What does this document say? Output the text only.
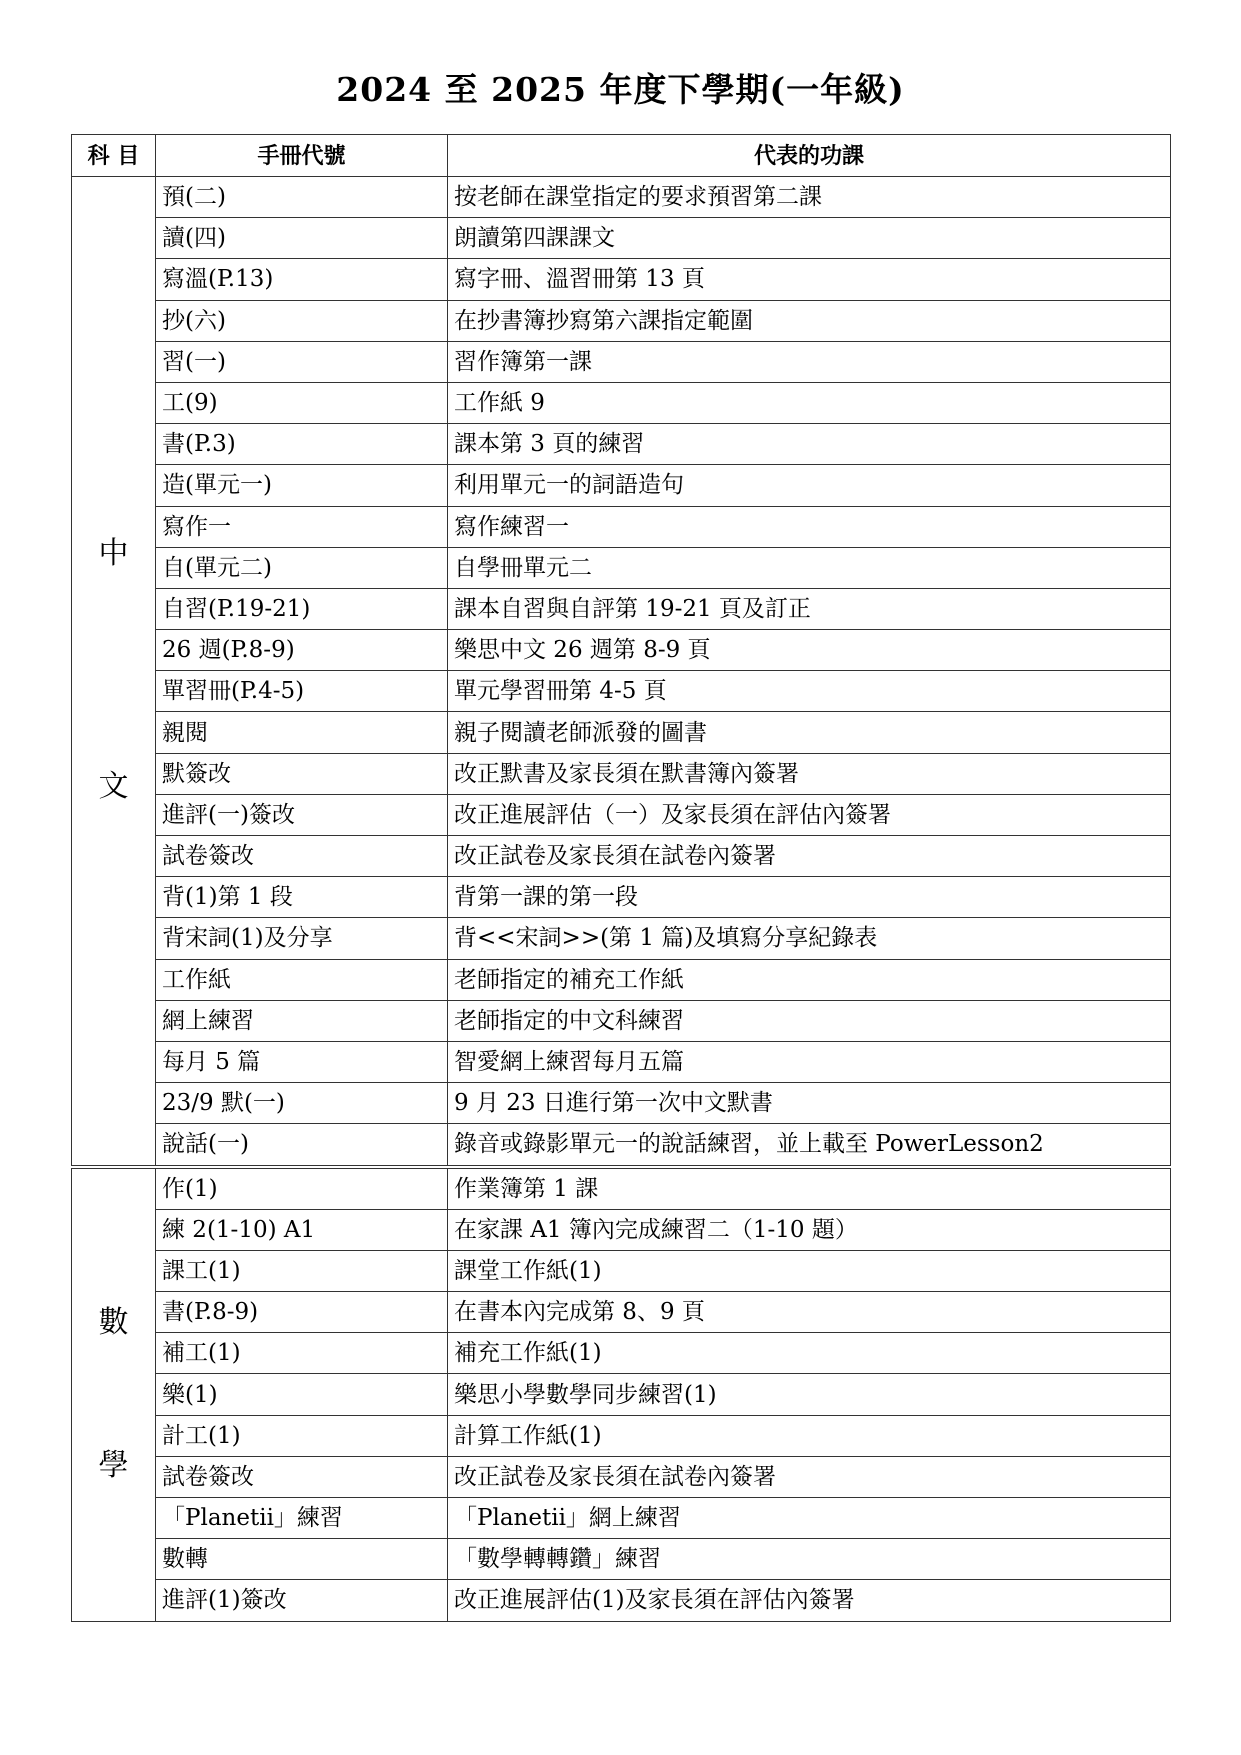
2024 至 2025 年度下學期(一年級)
科 目	手冊代號	代表的功課

中
文	預(二)	按老師在課堂指定的要求預習第二課
	讀(四)	朗讀第四課課文
	寫溫(P.13)	寫字冊、溫習冊第 13 頁
	抄(六)	在抄書簿抄寫第六課指定範圍
	習(一)	習作簿第一課
	工(9)	工作紙 9
	書(P.3)	課本第 3 頁的練習
	造(單元一)	利用單元一的詞語造句
	寫作一	寫作練習一
	自(單元二)	自學冊單元二
	自習(P.19-21)	課本自習與自評第 19-21 頁及訂正
	26 週(P.8-9)	樂思中文 26 週第 8-9 頁
	單習冊(P.4-5)	單元學習冊第 4-5 頁
	親閱	親子閱讀老師派發的圖書
	默簽改	改正默書及家長須在默書簿內簽署
	進評(一)簽改	改正進展評估（一）及家長須在評估內簽署
	試卷簽改	改正試卷及家長須在試卷內簽署
	背(1)第 1 段	背第一課的第一段
	背宋詞(1)及分享	背<<宋詞>>(第 1 篇)及填寫分享紀錄表
	工作紙	老師指定的補充工作紙
	網上練習	老師指定的中文科練習
	每月 5 篇	智愛網上練習每月五篇
	23/9 默(一)	9 月 23 日進行第一次中文默書
	說話(一)	錄音或錄影單元一的說話練習，並上載至 PowerLesson2

數
學	作(1)	作業簿第 1 課
	練 2(1-10) A1	在家課 A1 簿內完成練習二（1-10 題）
	課工(1)	課堂工作紙(1)
	書(P.8-9)	在書本內完成第 8、9 頁
	補工(1)	補充工作紙(1)
	樂(1)	樂思小學數學同步練習(1)
	計工(1)	計算工作紙(1)
	試卷簽改	改正試卷及家長須在試卷內簽署
	「Planetii」練習	「Planetii」網上練習
	數轉	「數學轉轉鑽」練習
	進評(1)簽改	改正進展評估(1)及家長須在評估內簽署
